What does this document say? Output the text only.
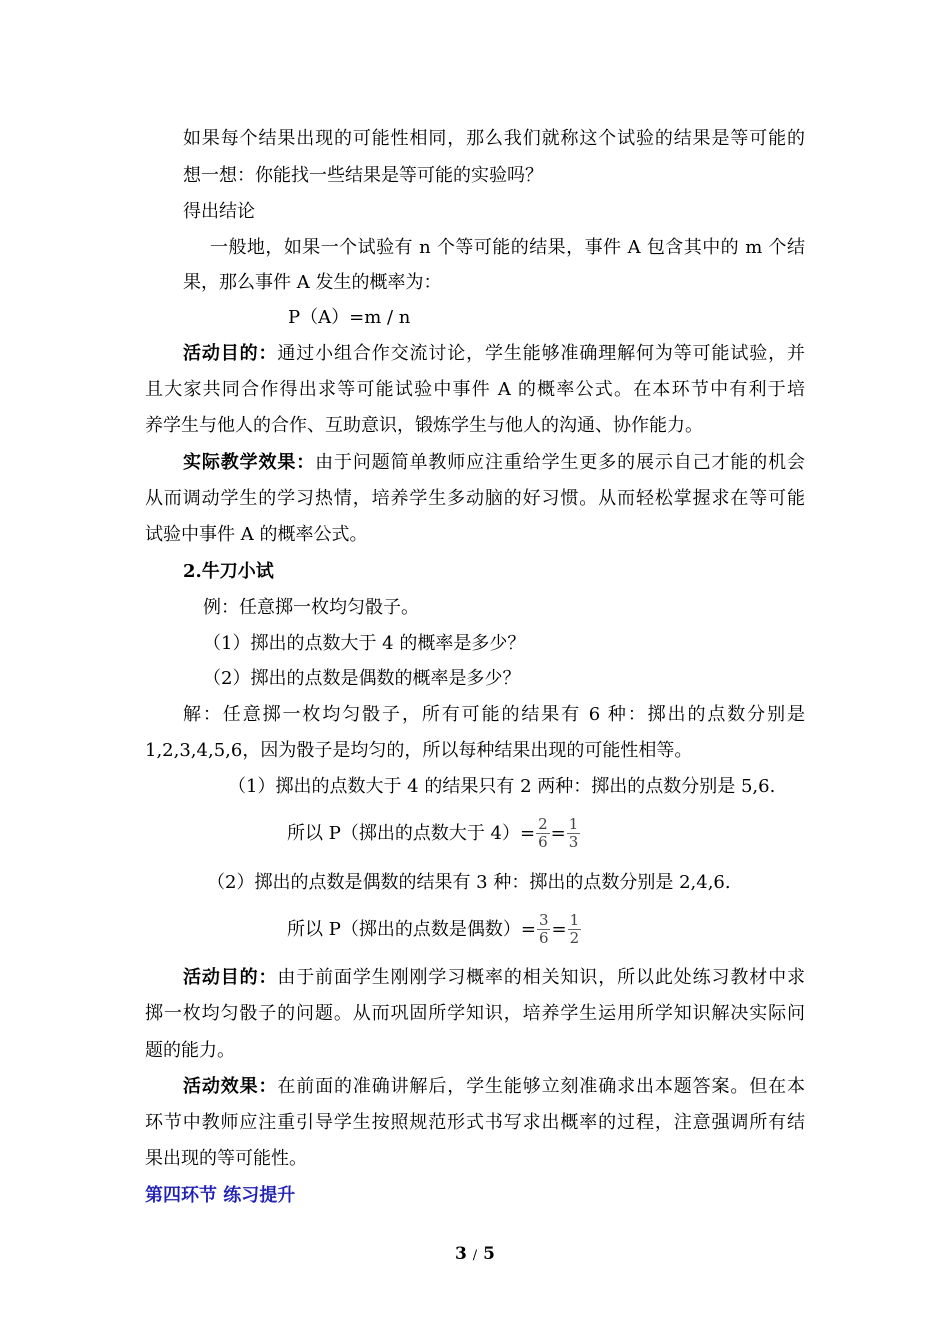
如果每个结果出现的可能性相同，那么我们就称这个试验的结果是等可能的
想一想：你能找一些结果是等可能的实验吗？
得出结论
一般地，如果一个试验有 n 个等可能的结果，事件 A 包含其中的 m 个结
果，那么事件 A 发生的概率为：
P（A）=m / n
活动目的：通过小组合作交流讨论，学生能够准确理解何为等可能试验，并
且大家共同合作得出求等可能试验中事件 A 的概率公式。在本环节中有利于培
养学生与他人的合作、互助意识，锻炼学生与他人的沟通、协作能力。
实际教学效果：由于问题简单教师应注重给学生更多的展示自己才能的机会
从而调动学生的学习热情，培养学生多动脑的好习惯。从而轻松掌握求在等可能
试验中事件 A 的概率公式。
2.牛刀小试
例：任意掷一枚均匀骰子。
（1）掷出的点数大于 4 的概率是多少？
（2）掷出的点数是偶数的概率是多少？
解：任意掷一枚均匀骰子，所有可能的结果有 6 种：掷出的点数分别是
1,2,3,4,5,6，因为骰子是均匀的，所以每种结果出现的可能性相等。
（1）掷出的点数大于 4 的结果只有 2 两种：掷出的点数分别是 5,6.
所以 P（掷出的点数大于 $4)= \frac{2}{6} = \frac{1}{3}$
（2）掷出的点数是偶数的结果有 3 种：掷出的点数分别是 2,4,6.
所以 P（掷出的点数是偶数）= $\frac{3}{6} = \frac{1}{2}$
活动目的：由于前面学生刚刚学习概率的相关知识，所以此处练习教材中求
掷一枚均匀骰子的问题。从而巩固所学知识，培养学生运用所学知识解决实际问
题的能力。
活动效果：在前面的准确讲解后，学生能够立刻准确求出本题答案。但在本
环节中教师应注重引导学生按照规范形式书写求出概率的过程，注意强调所有结
果出现的等可能性。
第四环节 练习提升
3 / 5
